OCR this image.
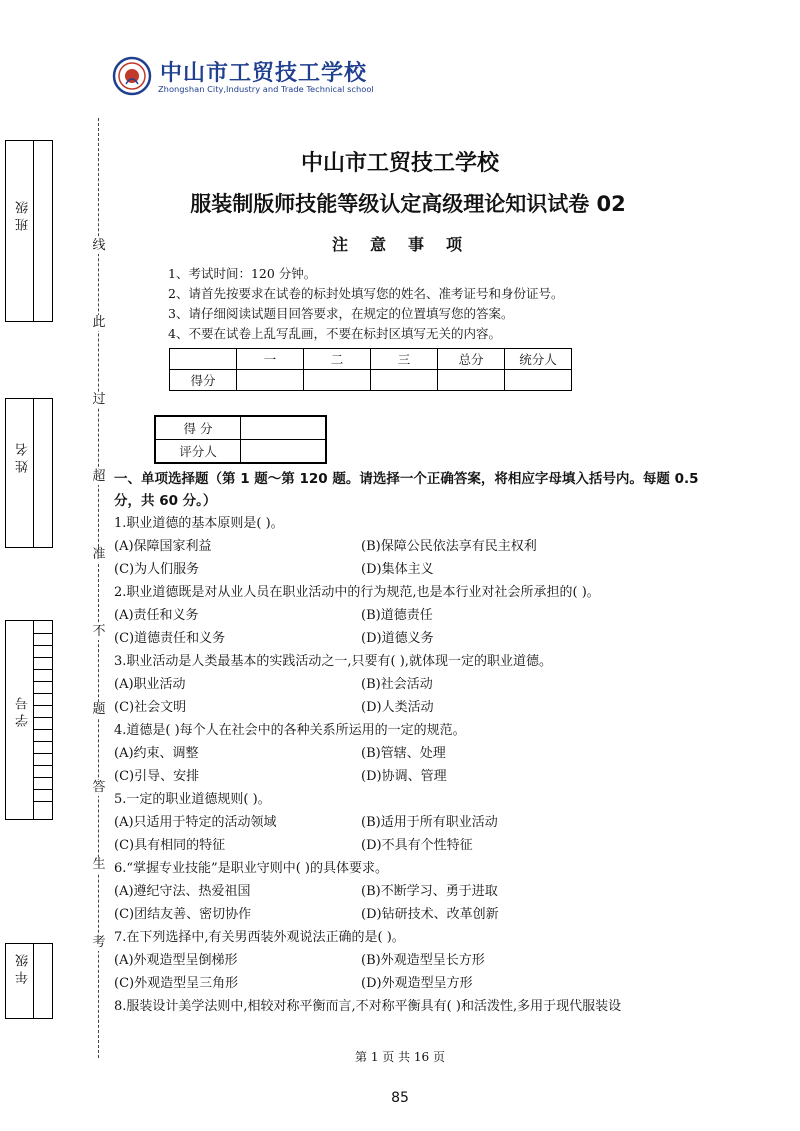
中山市工贸技工学校
Zhongshan City,Industry and Trade Technical school
班 级
姓 名
学 号
年 级
线
此
过
超
准
不
题
答
生
考
中山市工贸技工学校
服装制版师技能等级认定高级理论知识试卷 02
注意事项
1、考试时间：120 分钟。
2、请首先按要求在试卷的标封处填写您的姓名、准考证号和身份证号。
3、请仔细阅读试题目回答要求，在规定的位置填写您的答案。
4、不要在试卷上乱写乱画，不要在标封区填写无关的内容。
	一	二	三	总分	统分人
得分					
得 分	
评分人	
一、单项选择题（第 1 题～第 120 题。请选择一个正确答案，将相应字母填入括号内。每题 0.5 分，共 60 分。）
1.职业道德的基本原则是( )。
(A)保障国家利益	(B)保障公民依法享有民主权利
(C)为人们服务	(D)集体主义
2.职业道德既是对从业人员在职业活动中的行为规范,也是本行业对社会所承担的( )。
(A)责任和义务	(B)道德责任
(C)道德责任和义务	(D)道德义务
3.职业活动是人类最基本的实践活动之一,只要有( ),就体现一定的职业道德。
(A)职业活动	(B)社会活动
(C)社会文明	(D)人类活动
4.道德是( )每个人在社会中的各种关系所运用的一定的规范。
(A)约束、调整	(B)管辖、处理
(C)引导、安排	(D)协调、管理
5.一定的职业道德规则( )。
(A)只适用于特定的活动领域	(B)适用于所有职业活动
(C)具有相同的特征	(D)不具有个性特征
6.“掌握专业技能”是职业守则中( )的具体要求。
(A)遵纪守法、热爱祖国	(B)不断学习、勇于进取
(C)团结友善、密切协作	(D)钻研技术、改革创新
7.在下列选择中,有关男西装外观说法正确的是( )。
(A)外观造型呈倒梯形	(B)外观造型呈长方形
(C)外观造型呈三角形	(D)外观造型呈方形
8.服装设计美学法则中,相较对称平衡而言,不对称平衡具有( )和活泼性,多用于现代服装设
第 1 页 共 16 页
85
